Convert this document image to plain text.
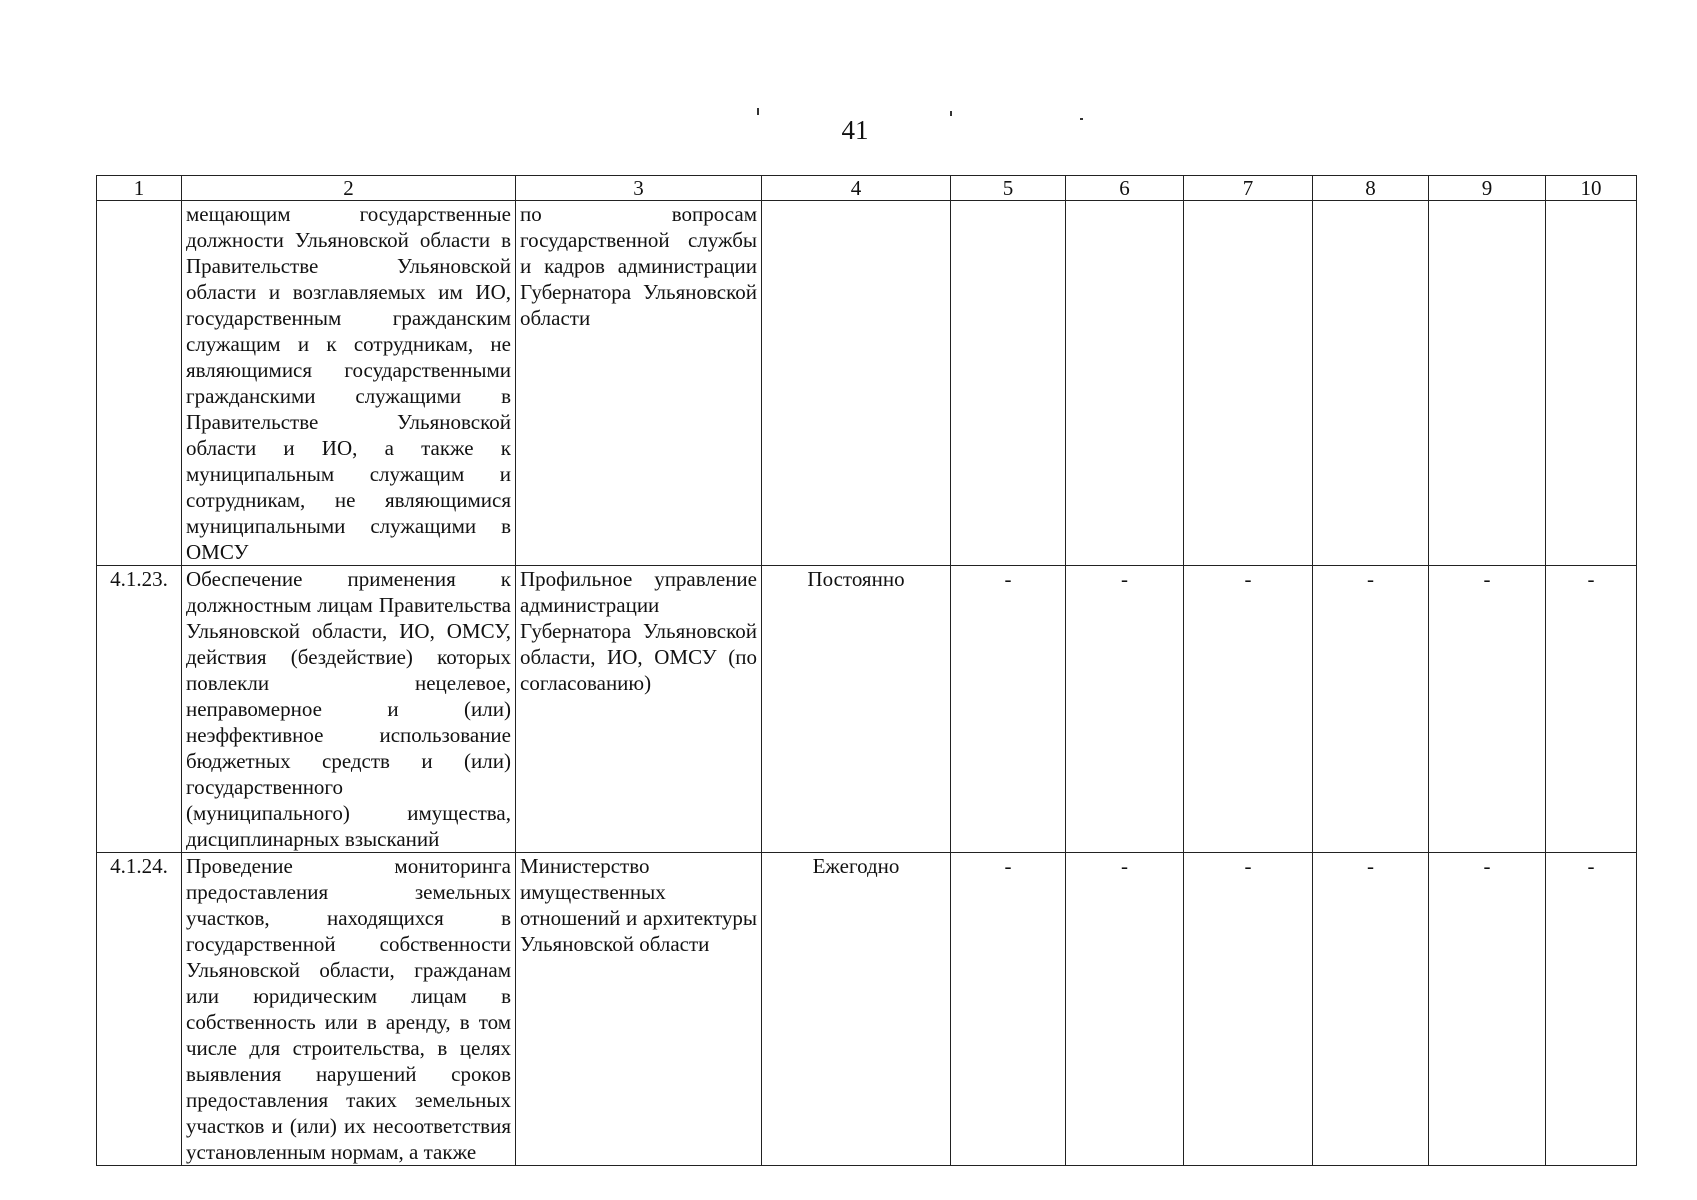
41
1	2	3	4	5	6	7	8	9	10
	мещающим государственные должности Ульяновской области в Правительстве Ульяновской области и возглавляемых им ИО, государственным гражданским служащим и к сотрудникам, не являющимися государственными гражданскими служащими в Правительстве Ульяновской области и ИО, а также к муниципальным служащим и сотрудникам, не являющимися муниципальными служащими в ОМСУ	по вопросам государственной службы и кадров администрации Губернатора Ульяновской области							
4.1.23.	Обеспечение применения к должностным лицам Правительства Ульяновской области, ИО, ОМСУ, действия (бездействие) которых повлекли нецелевое, неправомерное и (или) неэффективное использование бюджетных средств и (или) государственного (муниципального) имущества, дисциплинарных взысканий	Профильное управление администрации Губернатора Ульяновской области, ИО, ОМСУ (по согласованию)	Постоянно	-	-	-	-	-	-
4.1.24.	Проведение мониторинга предоставления земельных участков, находящихся в государственной собственности Ульяновской области, гражданам или юридическим лицам в собственность или в аренду, в том числе для строительства, в целях выявления нарушений сроков предоставления таких земельных участков и (или) их несоответствия установленным нормам, а также	Министерство имущественных отношений и архитектуры Ульяновской области	Ежегодно	-	-	-	-	-	-
